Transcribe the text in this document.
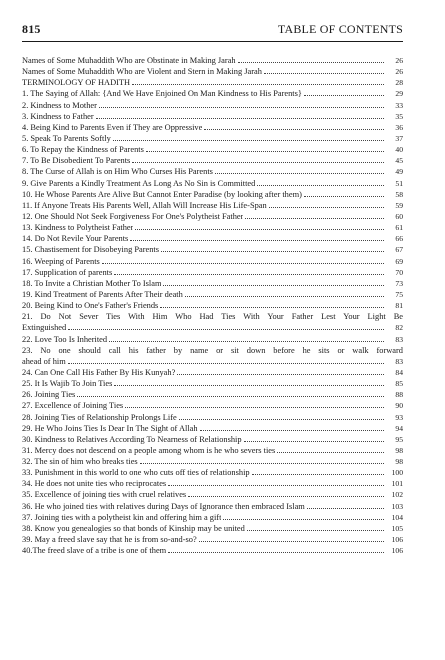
815	TABLE OF CONTENTS
Names of Some Muhaddith Who are Obstinate in Making Jarah	26
Names of Some Muhaddith Who are Violent and Stern in Making Jarah	26
TERMINOLOGY OF HADITH	28
1. The Saying of Allah: {And We Have Enjoined On Man Kindness to His Parents}	29
2. Kindness to Mother	33
3. Kindness to Father	35
4. Being Kind to Parents Even if They are Oppressive	36
5. Speak To Parents Softly	37
6. To Repay the Kindness of Parents	40
7. To Be Disobedient To Parents	45
8. The Curse of Allah is on Him Who Curses His Parents	49
9. Give Parents a Kindly Treatment As Long As No Sin is Committed	51
10. He Whose Parents Are Alive But Cannot Enter Paradise (by looking after them)	58
11. If Anyone Treats His Parents Well, Allah Will Increase His Life-Span	59
12. One Should Not Seek Forgiveness For One's Polytheist Father	60
13. Kindness to Polytheist Father	61
14. Do Not Revile Your Parents	66
15. Chastisement for Disobeying Parents	67
16. Weeping of Parents	69
17. Supplication of parents	70
18. To Invite a Christian Mother To Islam	73
19. Kind Treatment of Parents After Their death	75
20. Being Kind to One's Father's Friends	81
21. Do Not Sever Ties With Him Who Had Ties With Your Father Lest Your Light Be
Extinguished	82
22. Love Too Is Inherited	83
23. No one should call his father by name or sit down before he sits or walk forward
ahead of him	83
24. Can One Call His Father By His Kunyah?	84
25. It Is Wajib To Join Ties	85
26. Joining Ties	88
27. Excellence of Joining Ties	90
28. Joining Ties of Relationship Prolongs Life	93
29. He Who Joins Ties Is Dear In The Sight of Allah	94
30. Kindness to Relatives According To Nearness of Relationship	95
31. Mercy does not descend on a people among whom is he who severs ties	98
32. The sin of him who breaks ties	98
33. Punishment in this world to one who cuts off ties of relationship	100
34. He does not unite ties who reciprocates	101
35. Excellence of joining ties with cruel relatives	102
36. He who joined ties with relatives during Days of Ignorance then embraced Islam	103
37. Joining ties with a polytheist kin and offering him a gift	104
38. Know you genealogies so that bonds of Kinship may be united	105
39. May a freed slave say that he is from so-and-so?	106
40.The freed slave of a tribe is one of them	106
